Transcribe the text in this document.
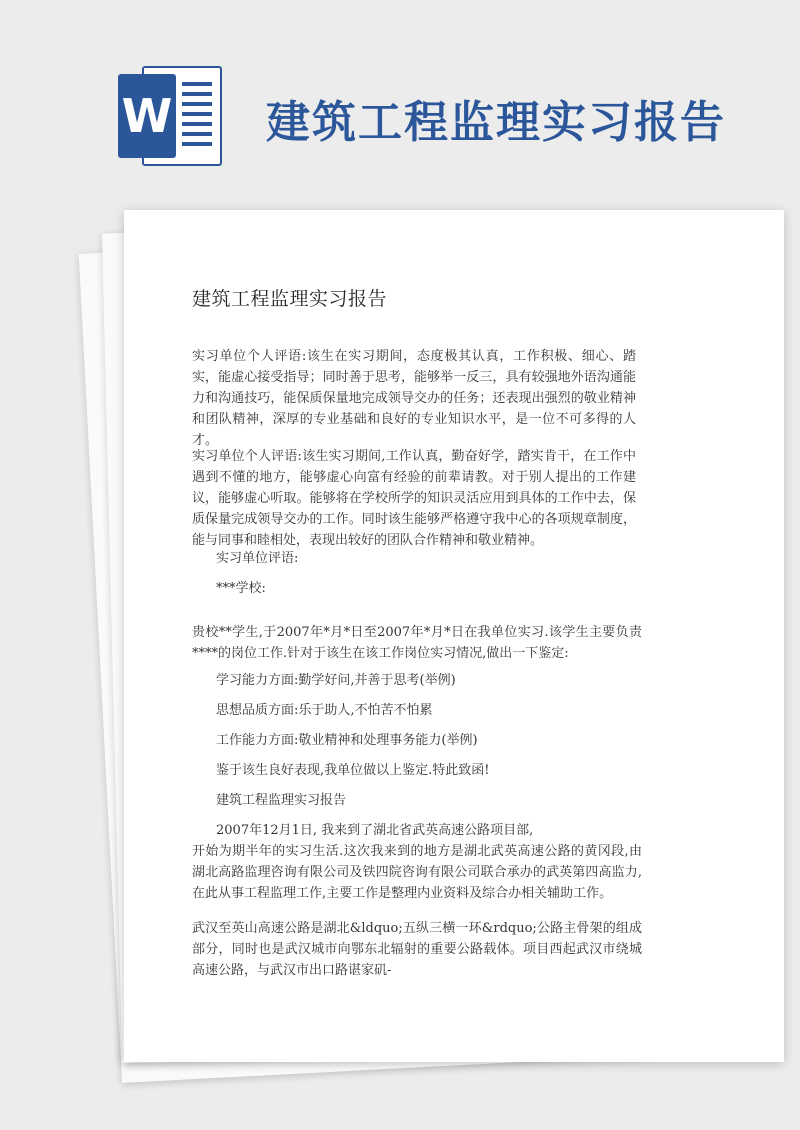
W 建筑工程监理实习报告
建筑工程监理实习报告
实习单位个人评语:该生在实习期间，态度极其认真，工作积极、细心、踏实，能虚心接受指导；同时善于思考，能够举一反三，具有较强地外语沟通能力和沟通技巧，能保质保量地完成领导交办的任务；还表现出强烈的敬业精神和团队精神，深厚的专业基础和良好的专业知识水平，是一位不可多得的人才。
实习单位个人评语:该生实习期间,工作认真，勤奋好学，踏实肯干，在工作中遇到不懂的地方，能够虚心向富有经验的前辈请教。对于别人提出的工作建议，能够虚心听取。能够将在学校所学的知识灵活应用到具体的工作中去，保质保量完成领导交办的工作。同时该生能够严格遵守我中心的各项规章制度，能与同事和睦相处，表现出较好的团队合作精神和敬业精神。
实习单位评语:
***学校:
贵校**学生,于2007年*月*日至2007年*月*日在我单位实习.该学生主要负责****的岗位工作.针对于该生在该工作岗位实习情况,做出一下鉴定:
学习能力方面:勤学好问,并善于思考(举例)
思想品质方面:乐于助人,不怕苦不怕累
工作能力方面:敬业精神和处理事务能力(举例)
鉴于该生良好表现,我单位做以上鉴定.特此致函!
建筑工程监理实习报告
2007年12月1日, 我来到了湖北省武英高速公路项目部,
开始为期半年的实习生活.这次我来到的地方是湖北武英高速公路的黄冈段,由湖北高路监理咨询有限公司及铁四院咨询有限公司联合承办的武英第四高监力,在此从事工程监理工作,主要工作是整理内业资料及综合办相关辅助工作。
武汉至英山高速公路是湖北&ldquo;五纵三横一环&rdquo;公路主骨架的组成部分，同时也是武汉城市向鄂东北辐射的重要公路载体。项目西起武汉市绕城高速公路，与武汉市出口路谌家矶-
